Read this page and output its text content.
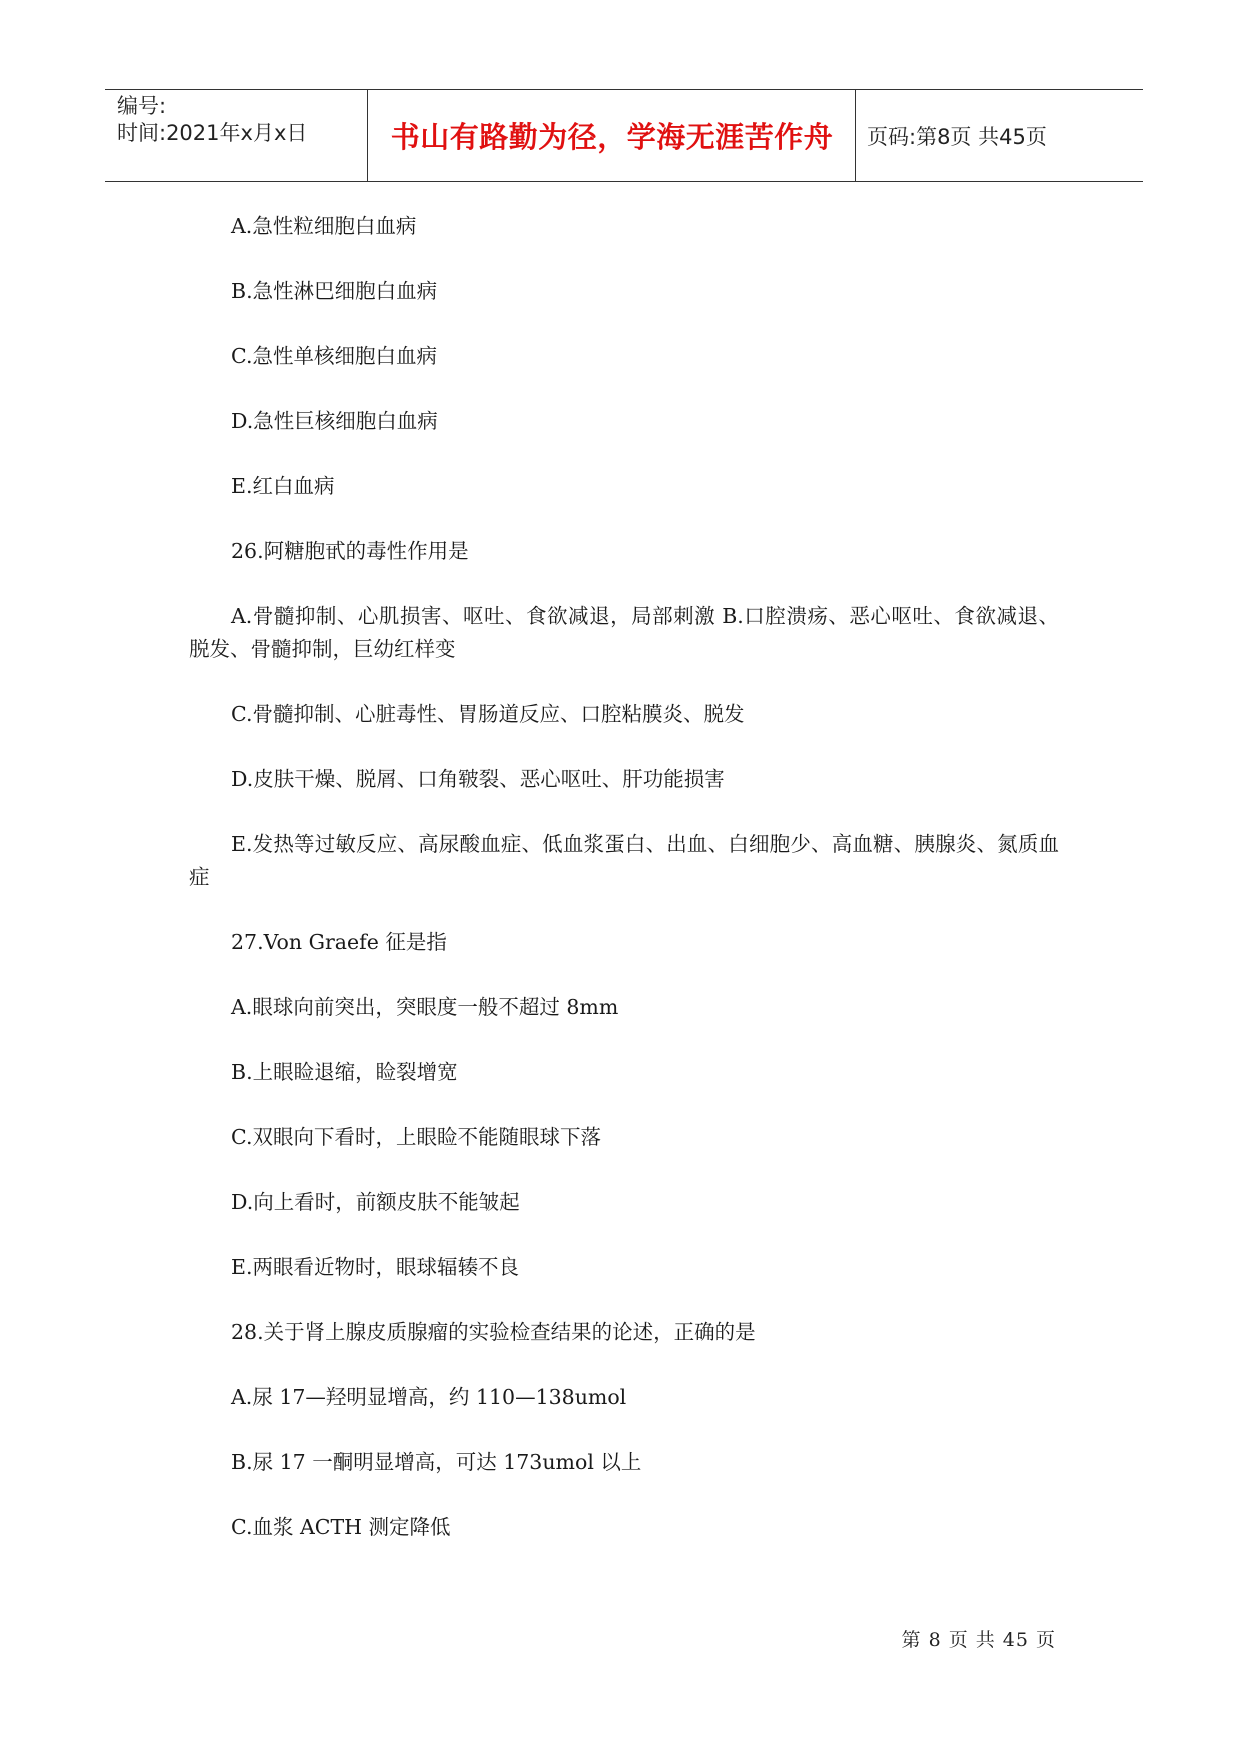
编号:
时间:2021年x月x日	书山有路勤为径，学海无涯苦作舟	页码:第8页 共45页

A.急性粒细胞白血病

B.急性淋巴细胞白血病

C.急性单核细胞白血病

D.急性巨核细胞白血病

E.红白血病

26.阿糖胞甙的毒性作用是

A.骨髓抑制、心肌损害、呕吐、食欲减退，局部刺激 B.口腔溃疡、恶心呕吐、食欲减退、脱发、骨髓抑制，巨幼红样变

C.骨髓抑制、心脏毒性、胃肠道反应、口腔粘膜炎、脱发

D.皮肤干燥、脱屑、口角皲裂、恶心呕吐、肝功能损害

E.发热等过敏反应、高尿酸血症、低血浆蛋白、出血、白细胞少、高血糖、胰腺炎、氮质血症

27.Von Graefe 征是指

A.眼球向前突出，突眼度一般不超过 8mm

B.上眼睑退缩，睑裂增宽

C.双眼向下看时，上眼睑不能随眼球下落

D.向上看时，前额皮肤不能皱起

E.两眼看近物时，眼球辐辏不良

28.关于肾上腺皮质腺瘤的实验检查结果的论述，正确的是

A.尿 17—羟明显增高，约 110—138umol

B.尿 17 一酮明显增高，可达 173umol 以上

C.血浆 ACTH 测定降低

第 8 页 共 45 页
